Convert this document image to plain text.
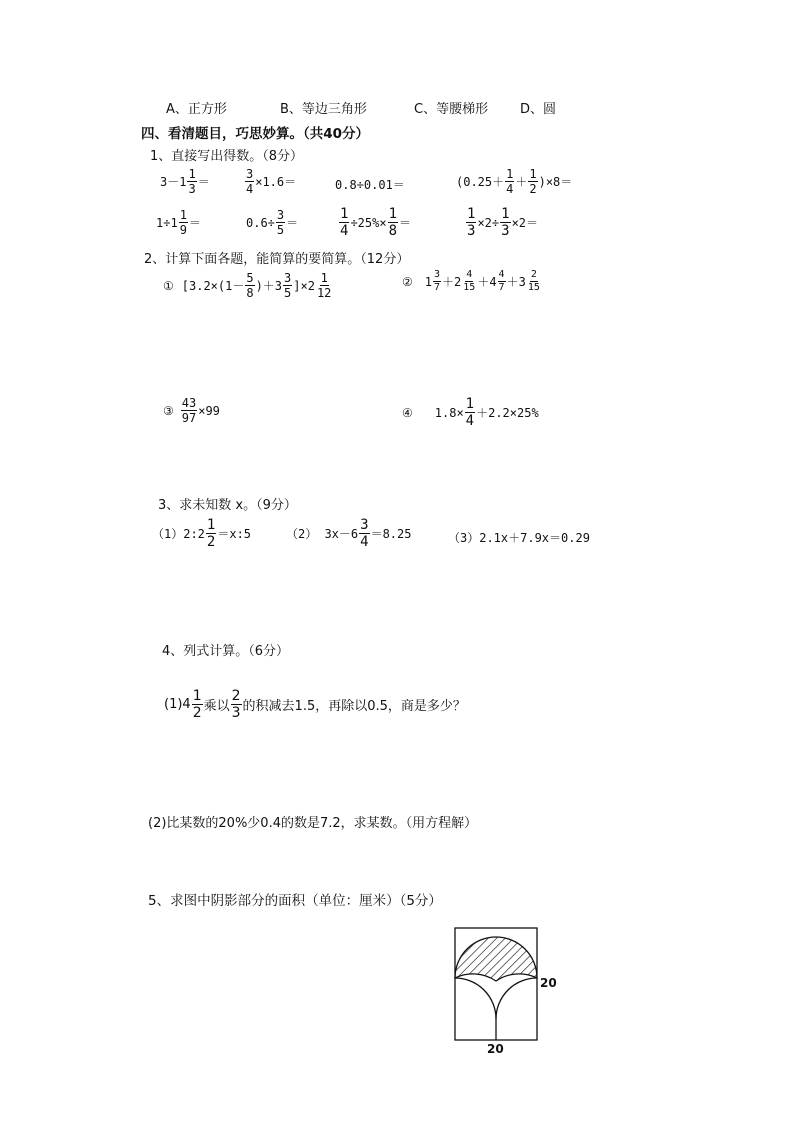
A、正方形	B、等边三角形	C、等腰梯形 D、圆
四、看清题目，巧思妙算。（共40分）
1、直接写出得数。（8分）
$3-1 \frac{1}{3}$ ＝	$\frac{3}{4} \times 1.6=$	0.8÷0.01＝	$(0.25+ \frac{1}{4} + \frac{1}{2} )\times 8=$
$1\div 1 \frac{1}{9}$ ＝	$0.6\div \frac{3}{5}$ ＝	$\frac{1}{4} \div 25\%\times \frac{1}{8}$ ＝	$\frac{1}{3} \times 2\div \frac{1}{3} \times 2=$
2、计算下面各题，能简算的要简算。（12分）
① $[3.2\times(1- \frac{5}{8} )+3 \frac{3}{5} ]\times 2 \frac{1}{12}$	② $1 \frac{3}{7} +2 \frac{4}{15} +4 \frac{4}{7} +3 \frac{2}{15}$
③ $\frac{43}{97} \times 99$	④ $1.8\times \frac{1}{4} +2.2\times 25\%$
3、求未知数 x。（9分）
（1）2:2 $\frac{1}{2}$ ＝x:5	（2） $3x-6 \frac{3}{4} =8.25$	（3）2.1x＋7.9x＝0.29
4、列式计算。（6分）
$(1)4 \frac{1}{2}$ 乘以 $\frac{2}{3}$ 的积减去1.5，再除以0.5，商是多少？
(2)比某数的20%少0.4的数是7.2，求某数。（用方程解）
5、求图中阴影部分的面积（单位：厘米）（5分）
20
20
